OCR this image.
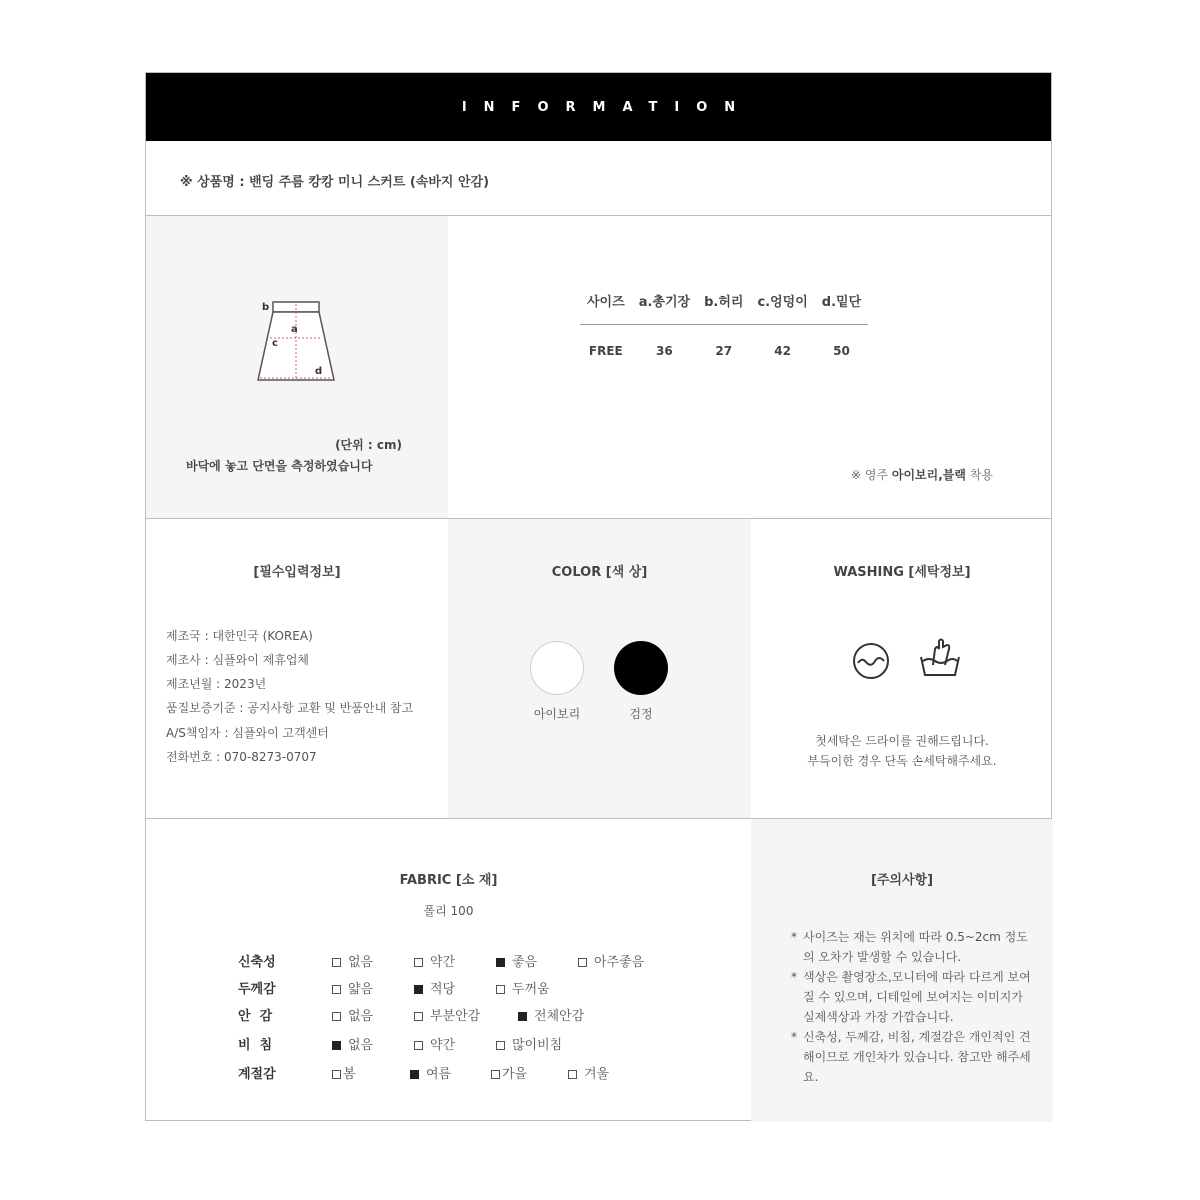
INFORMATION
※ 상품명 : 밴딩 주름 캉캉 미니 스커트 (속바지 안감)
b
a
c
d
(단위 : cm)
바닥에 놓고 단면을 측정하였습니다
사이즈	a.총기장	b.허리	c.엉덩이	d.밑단
FREE	36	27	42	50
※ 영주 아이보리,블랙 착용
[필수입력정보]
제조국 : 대한민국 (KOREA)
제조사 : 심플와이 제휴업체
제조년월 : 2023년
품질보증기준 : 공지사항 교환 및 반품안내 참고
A/S책임자 : 심플와이 고객센터
전화번호 : 070-8273-0707
COLOR [색 상]
아이보리	검정
WASHING [세탁정보]
첫세탁은 드라이를 권해드립니다.
부득이한 경우 단독 손세탁해주세요.
FABRIC [소 재]
폴리 100
신축성	없음	약간	좋음	아주좋음
두께감	얇음	적당	두꺼움
안  감	없음	부분안감	전체안감
비  침	없음	약간	많이비침
계절감	봄	여름	가을	겨울
[주의사항]
* 사이즈는 재는 위치에 따라 0.5~2cm 정도의 오차가 발생할 수 있습니다.
* 색상은 촬영장소,모니터에 따라 다르게 보여질 수 있으며, 디테일에 보여지는 이미지가 실제색상과 가장 가깝습니다.
* 신축성, 두께감, 비침, 계절감은 개인적인 견해이므로 개인차가 있습니다. 참고만 해주세요.
